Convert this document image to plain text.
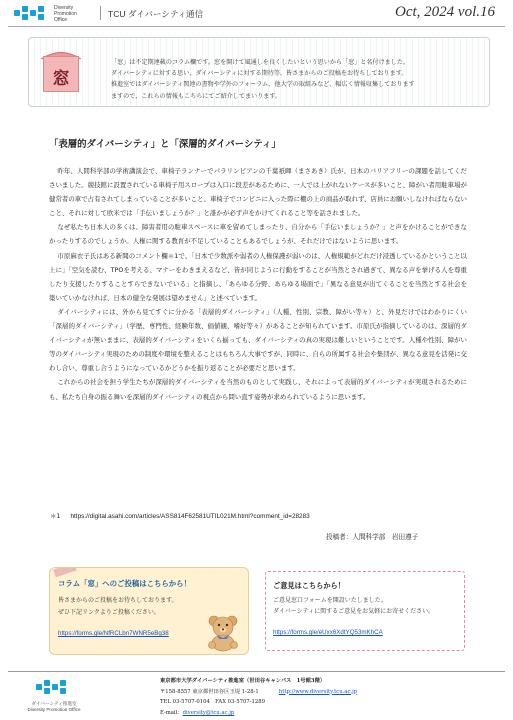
Diversity
Promotion
Office
TCU ダイバーシティ通信	Oct, 2024 vol.16
窓
「窓」は不定期連載のコラム欄です。窓を開けて風通しを良くしたいという思いから「窓」と名付けました。
ダイバーシティに対する思い、ダイバーシティに対する期待等、皆さまからのご投稿をお待ちしております。
推進室ではダイバーシティ関連の書物や学外のフォーラム、他大学の取組みなど、幅広く情報収集しております
ますので、これらの情報もこちらにてご紹介してまいります。
「表層的ダイバーシティ」と「深層的ダイバーシティ」

昨年、人間科学部の学術講演会で、車椅子ランナーでパラリンピアンの千葉祇暉（まさあき）氏が、日本のバリアフリーの課題を話してくださいました。競技館に設置されている車椅子用スロープは入口に段差があるために、一人では上がれないケースが多いこと、障がい者用駐車場が健常者の車で占有されてしまっていることが多いこと、車椅子でコンビニに入った際に棚の上の商品が取れず、店員にお願いしなければならないこと、それに対して欧米では「手伝いましょうか？」と誰かが必ず声をかけてくれること等を話されました。

なぜ私たち日本人の多くは、障害者用の駐車スペースに車を留めてしまったり、自分から「手伝いましょうか？」と声をかけることができなかったりするのでしょうか。人権に関する教育が不足していることもあるでしょうが、それだけではないように思います。

市原麻衣子氏はある新聞のコメント欄＊1で、「日本で少数派や弱者の人権保護が弱いのは、人権規範がどれだけ浸透しているかということ以上に」「空気を読む、TPOを考える、マナーをわきまえるなど、皆が同じように行動をすることが当然とされ過ぎて、異なる声を挙げる人を尊重したり支援したりすることすらできないでいる」と指摘し、「あらゆる分野、あらゆる場面で」「異なる意見が出てくることを当然とする社会を築いていかなければ、日本の健全な発展は望めません」と述べています。

ダイバーシティには、外から見てすぐに分かる「表層的ダイバーシティ」（人種、性別、宗教、障がい等々）と、外見だけではわかりにくい「深層的ダイバーシティ」（学歴、専門性、経験年数、価値観、嗜好等々）があることが知られています。市原氏が指摘しているのは、深層的ダイバーシティが無いままに、表層的ダイバーシティをいくら揃っても、ダイバーシティの真の実現は難しいということです。人種や性別、障がい等のダイバーシティ実現のための制度や環境を整えることはもちろん大事ですが、同時に、自らの所属する社会や集団が、異なる意見を活発に交わし合い、尊重し合うようになっているかどうかを振り返ることが必要だと思います。

これからの社会を担う学生たちが深層的ダイバーシティを当然のものとして実践し、それによって表層的ダイバーシティが実現されるためにも、私たち自身の振る舞いを深層的ダイバーシティの視点から問い直す姿勢が求められているように思います。

＊1 https://digital.asahi.com/articles/ASS814F62581UTIL021M.html?comment_id=28283
投稿者：人間科学部　岩田遵子
コラム「窓」へのご投稿はこちらから！
皆さまからのご投稿をお待ちしております。
ぜひ下記リンクよりご投稿ください。
https://forms.gle/NfRCLbn7WNR5eBg38
ご意見はこちらから！
ご意見窓口フォームを開設いたしました。
ダイバーシティに関するご意見をお気軽にお寄せください。
https://forms.gle/eUxx6XdtYQ53mKhCA
ダイバーシティ推進室
Diversity Promotion Office
東京都市大学ダイバーシティ推進室（世田谷キャンパス　1号館3階）
〒158-8557 東京都世田谷区玉堤 1-28-1	http://www.diversity.tcu.ac.jp
TEL 03-5707-0104　FAX 03-5707-1289
E-mail：diversity@tcu.ac.jp
